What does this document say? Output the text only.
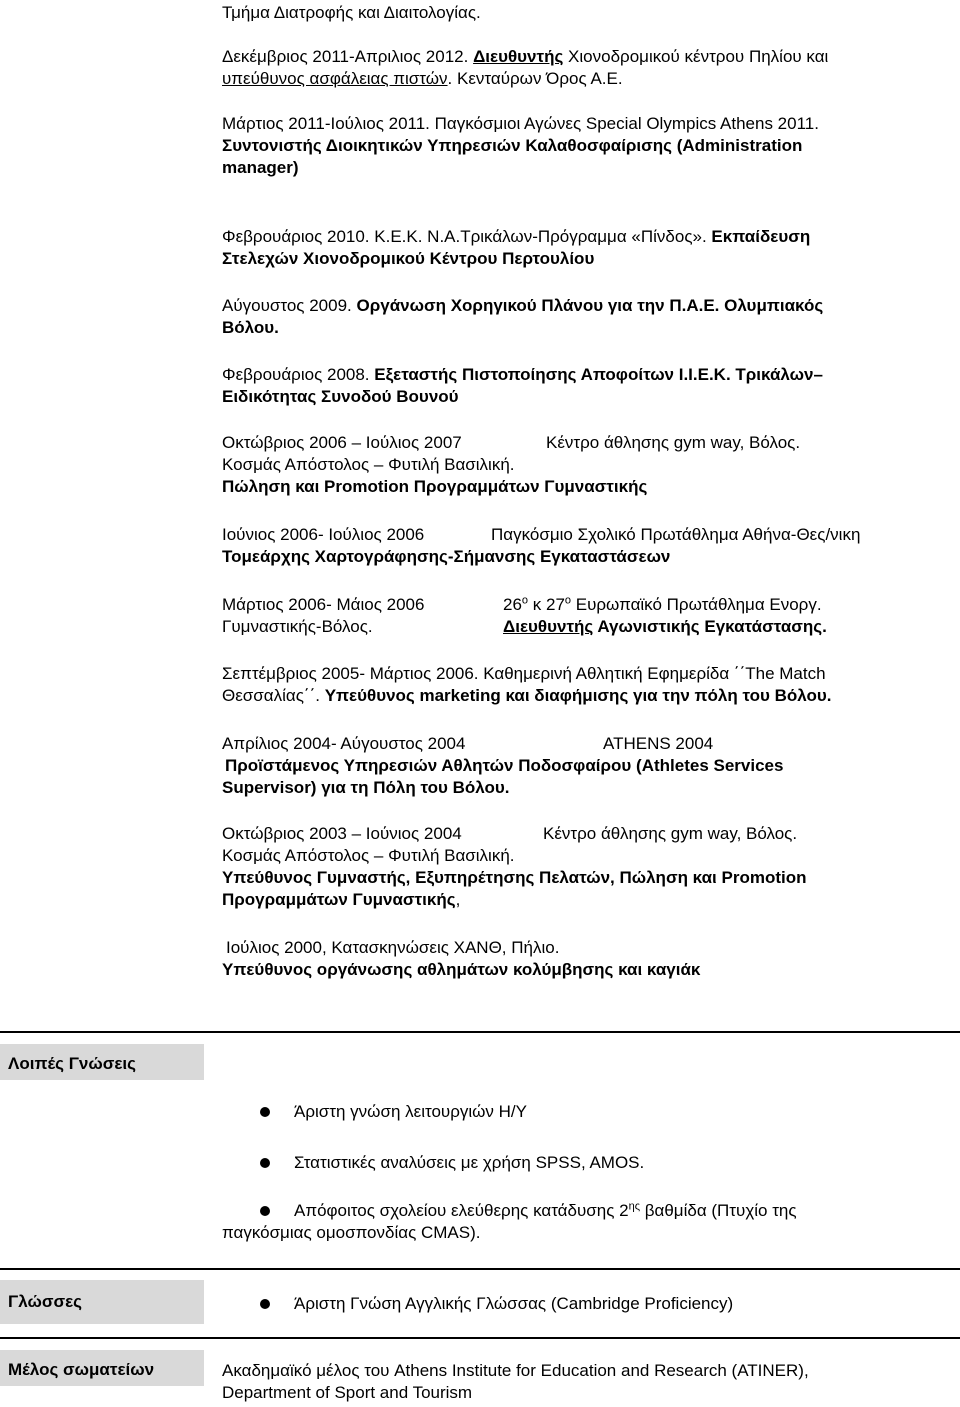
Τμήμα Διατροφής και Διαιτολογίας.
Δεκέμβριος 2011-Απριλιος 2012. Διευθυντής Χιονοδρομικού κέντρου Πηλίου και
υπεύθυνος ασφάλειας πιστών. Κενταύρων Όρος Α.Ε.
Μάρτιος 2011-Ιούλιος 2011. Παγκόσμιοι Αγώνες Special Olympics Athens 2011.
Συντονιστής Διοικητικών Υπηρεσιών Καλαθοσφαίρισης (Administration
manager)
Φεβρουάριος 2010. Κ.Ε.Κ. Ν.Α.Τρικάλων-Πρόγραμμα «Πίνδος». Εκπαίδευση
Στελεχών Χιονοδρομικού Κέντρου Περτουλίου
Αύγουστος 2009. Οργάνωση Χορηγικού Πλάνου για την Π.Α.Ε. Ολυμπιακός
Βόλου.
Φεβρουάριος 2008. Εξεταστής Πιστοποίησης Αποφοίτων Ι.Ι.Ε.Κ. Τρικάλων–
Ειδικότητας Συνοδού Βουνού
Οκτώβριος 2006 – Ιούλιος 2007	Κέντρο άθλησης gym way, Βόλος.
Κοσμάς Απόστολος – Φυτιλή Βασιλική.
Πώληση και Promotion Προγραμμάτων Γυμναστικής
Ιούνιος 2006- Ιούλιος 2006	Παγκόσμιο Σχολικό Πρωτάθλημα Αθήνα-Θες/νικη
Τομεάρχης Χαρτογράφησης-Σήμανσης Εγκαταστάσεων
Μάρτιος 2006- Μάιος 2006	$26^o$ κ $27^o$ Ευρωπαϊκό Πρωτάθλημα Ενοργ.
Γυμναστικής-Βόλος.	Διευθυντής Αγωνιστικής Εγκατάστασης.
Σεπτέμβριος 2005- Μάρτιος 2006. Καθημερινή Αθλητική Εφημερίδα ΄΄The Match
Θεσσαλίας΄΄. Υπεύθυνος marketing και διαφήμισης για την πόλη του Βόλου.
Απρίλιος 2004- Αύγουστος 2004	ATHENS 2004
Προϊστάμενος Υπηρεσιών Αθλητών Ποδοσφαίρου (Athletes Services
Supervisor) για τη Πόλη του Βόλου.
Οκτώβριος 2003 – Ιούνιος 2004	Κέντρο άθλησης gym way, Βόλος.
Κοσμάς Απόστολος – Φυτιλή Βασιλική.
Υπεύθυνος Γυμναστής, Εξυπηρέτησης Πελατών, Πώληση και Promotion
Προγραμμάτων Γυμναστικής,
Ιούλιος 2000, Κατασκηνώσεις ΧΑΝΘ, Πήλιο.
Υπεύθυνος οργάνωσης αθλημάτων κολύμβησης και καγιάκ
Λοιπές Γνώσεις
Άριστη γνώση λειτουργιών Η/Υ
Στατιστικές αναλύσεις με χρήση SPSS, AMOS.
Απόφοιτος σχολείου ελεύθερης κατάδυσης $2^{\eta\varsigma}$ βαθμίδα (Πτυχίο της
παγκόσμιας ομοσπονδίας CMAS).
Γλώσσες	Άριστη Γνώση Αγγλικής Γλώσσας (Cambridge Proficiency)
Μέλος σωματείων	Ακαδημαϊκό μέλος του Athens Institute for Education and Research (ATINER),
Department of Sport and Tourism
